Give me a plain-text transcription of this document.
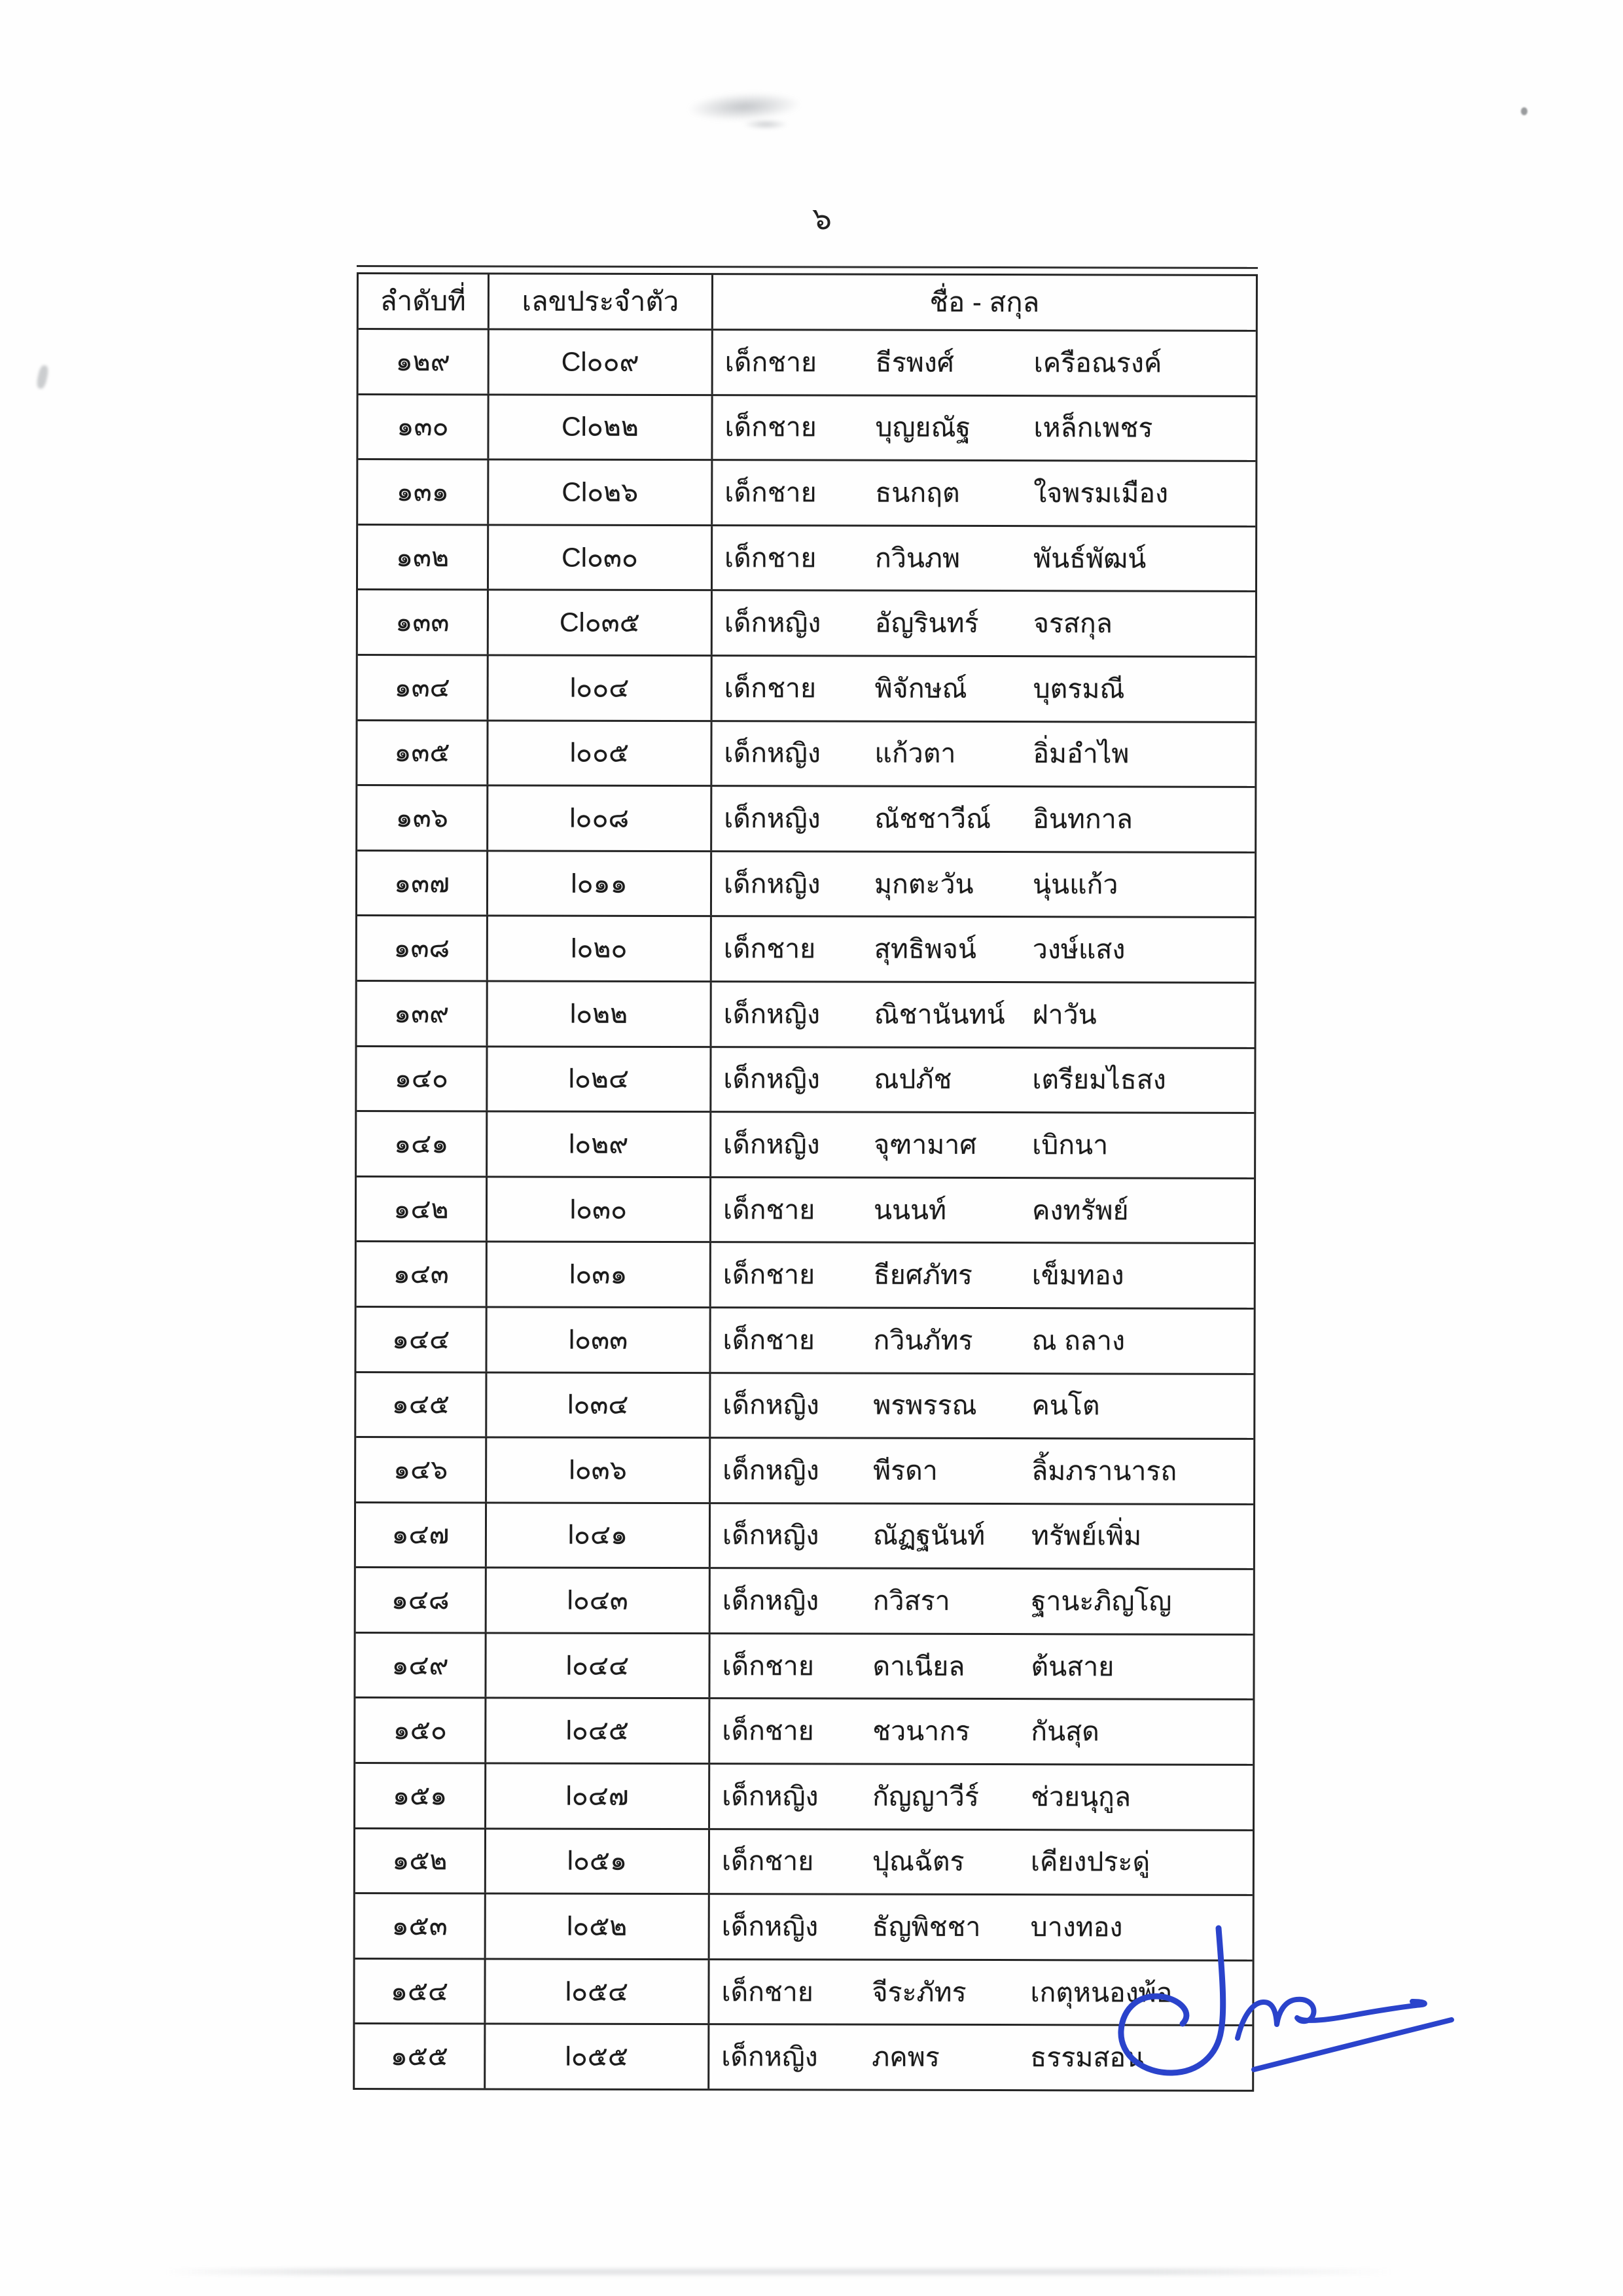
๖
ลำดับที่	เลขประจำตัว	ชื่อ - สกุล
๑๒๙	Cl๐๐๙	เด็กชาย	ธีรพงศ์	เครือณรงค์
๑๓๐	Cl๐๒๒	เด็กชาย	บุญยณัฐ	เหล็กเพชร
๑๓๑	Cl๐๒๖	เด็กชาย	ธนกฤต	ใจพรมเมือง
๑๓๒	Cl๐๓๐	เด็กชาย	กวินภพ	พันธ์พัฒน์
๑๓๓	Cl๐๓๕	เด็กหญิง	อัญรินทร์	จรสกุล
๑๓๔	l๐๐๔	เด็กชาย	พิจักษณ์	บุตรมณี
๑๓๕	l๐๐๕	เด็กหญิง	แก้วตา	อิ่มอำไพ
๑๓๖	l๐๐๘	เด็กหญิง	ณัชชาวีณ์	อินทกาล
๑๓๗	l๐๑๑	เด็กหญิง	มุกตะวัน	นุ่นแก้ว
๑๓๘	l๐๒๐	เด็กชาย	สุทธิพจน์	วงษ์แสง
๑๓๙	l๐๒๒	เด็กหญิง	ณิชานันทน์	ฝาวัน
๑๔๐	l๐๒๔	เด็กหญิง	ณปภัช	เตรียมไธสง
๑๔๑	l๐๒๙	เด็กหญิง	จุฑามาศ	เบิกนา
๑๔๒	l๐๓๐	เด็กชาย	นนนท์	คงทรัพย์
๑๔๓	l๐๓๑	เด็กชาย	ธียศภัทร	เข็มทอง
๑๔๔	l๐๓๓	เด็กชาย	กวินภัทร	ณ ถลาง
๑๔๕	l๐๓๔	เด็กหญิง	พรพรรณ	คนโต
๑๔๖	l๐๓๖	เด็กหญิง	พีรดา	ลิ้มภรานารถ
๑๔๗	l๐๔๑	เด็กหญิง	ณัฏฐนันท์	ทรัพย์เพิ่ม
๑๔๘	l๐๔๓	เด็กหญิง	กวิสรา	ฐานะภิญโญ
๑๔๙	l๐๔๔	เด็กชาย	ดาเนียล	ต้นสาย
๑๕๐	l๐๔๕	เด็กชาย	ชวนากร	กันสุด
๑๕๑	l๐๔๗	เด็กหญิง	กัญญาวีร์	ช่วยนุกูล
๑๕๒	l๐๕๑	เด็กชาย	ปุณฉัตร	เคียงประดู่
๑๕๓	l๐๕๒	เด็กหญิง	ธัญพิชชา	บางทอง
๑๕๔	l๐๕๔	เด็กชาย	จีระภัทร	เกตุหนองพ้อ
๑๕๕	l๐๕๕	เด็กหญิง	ภคพร	ธรรมสอน
